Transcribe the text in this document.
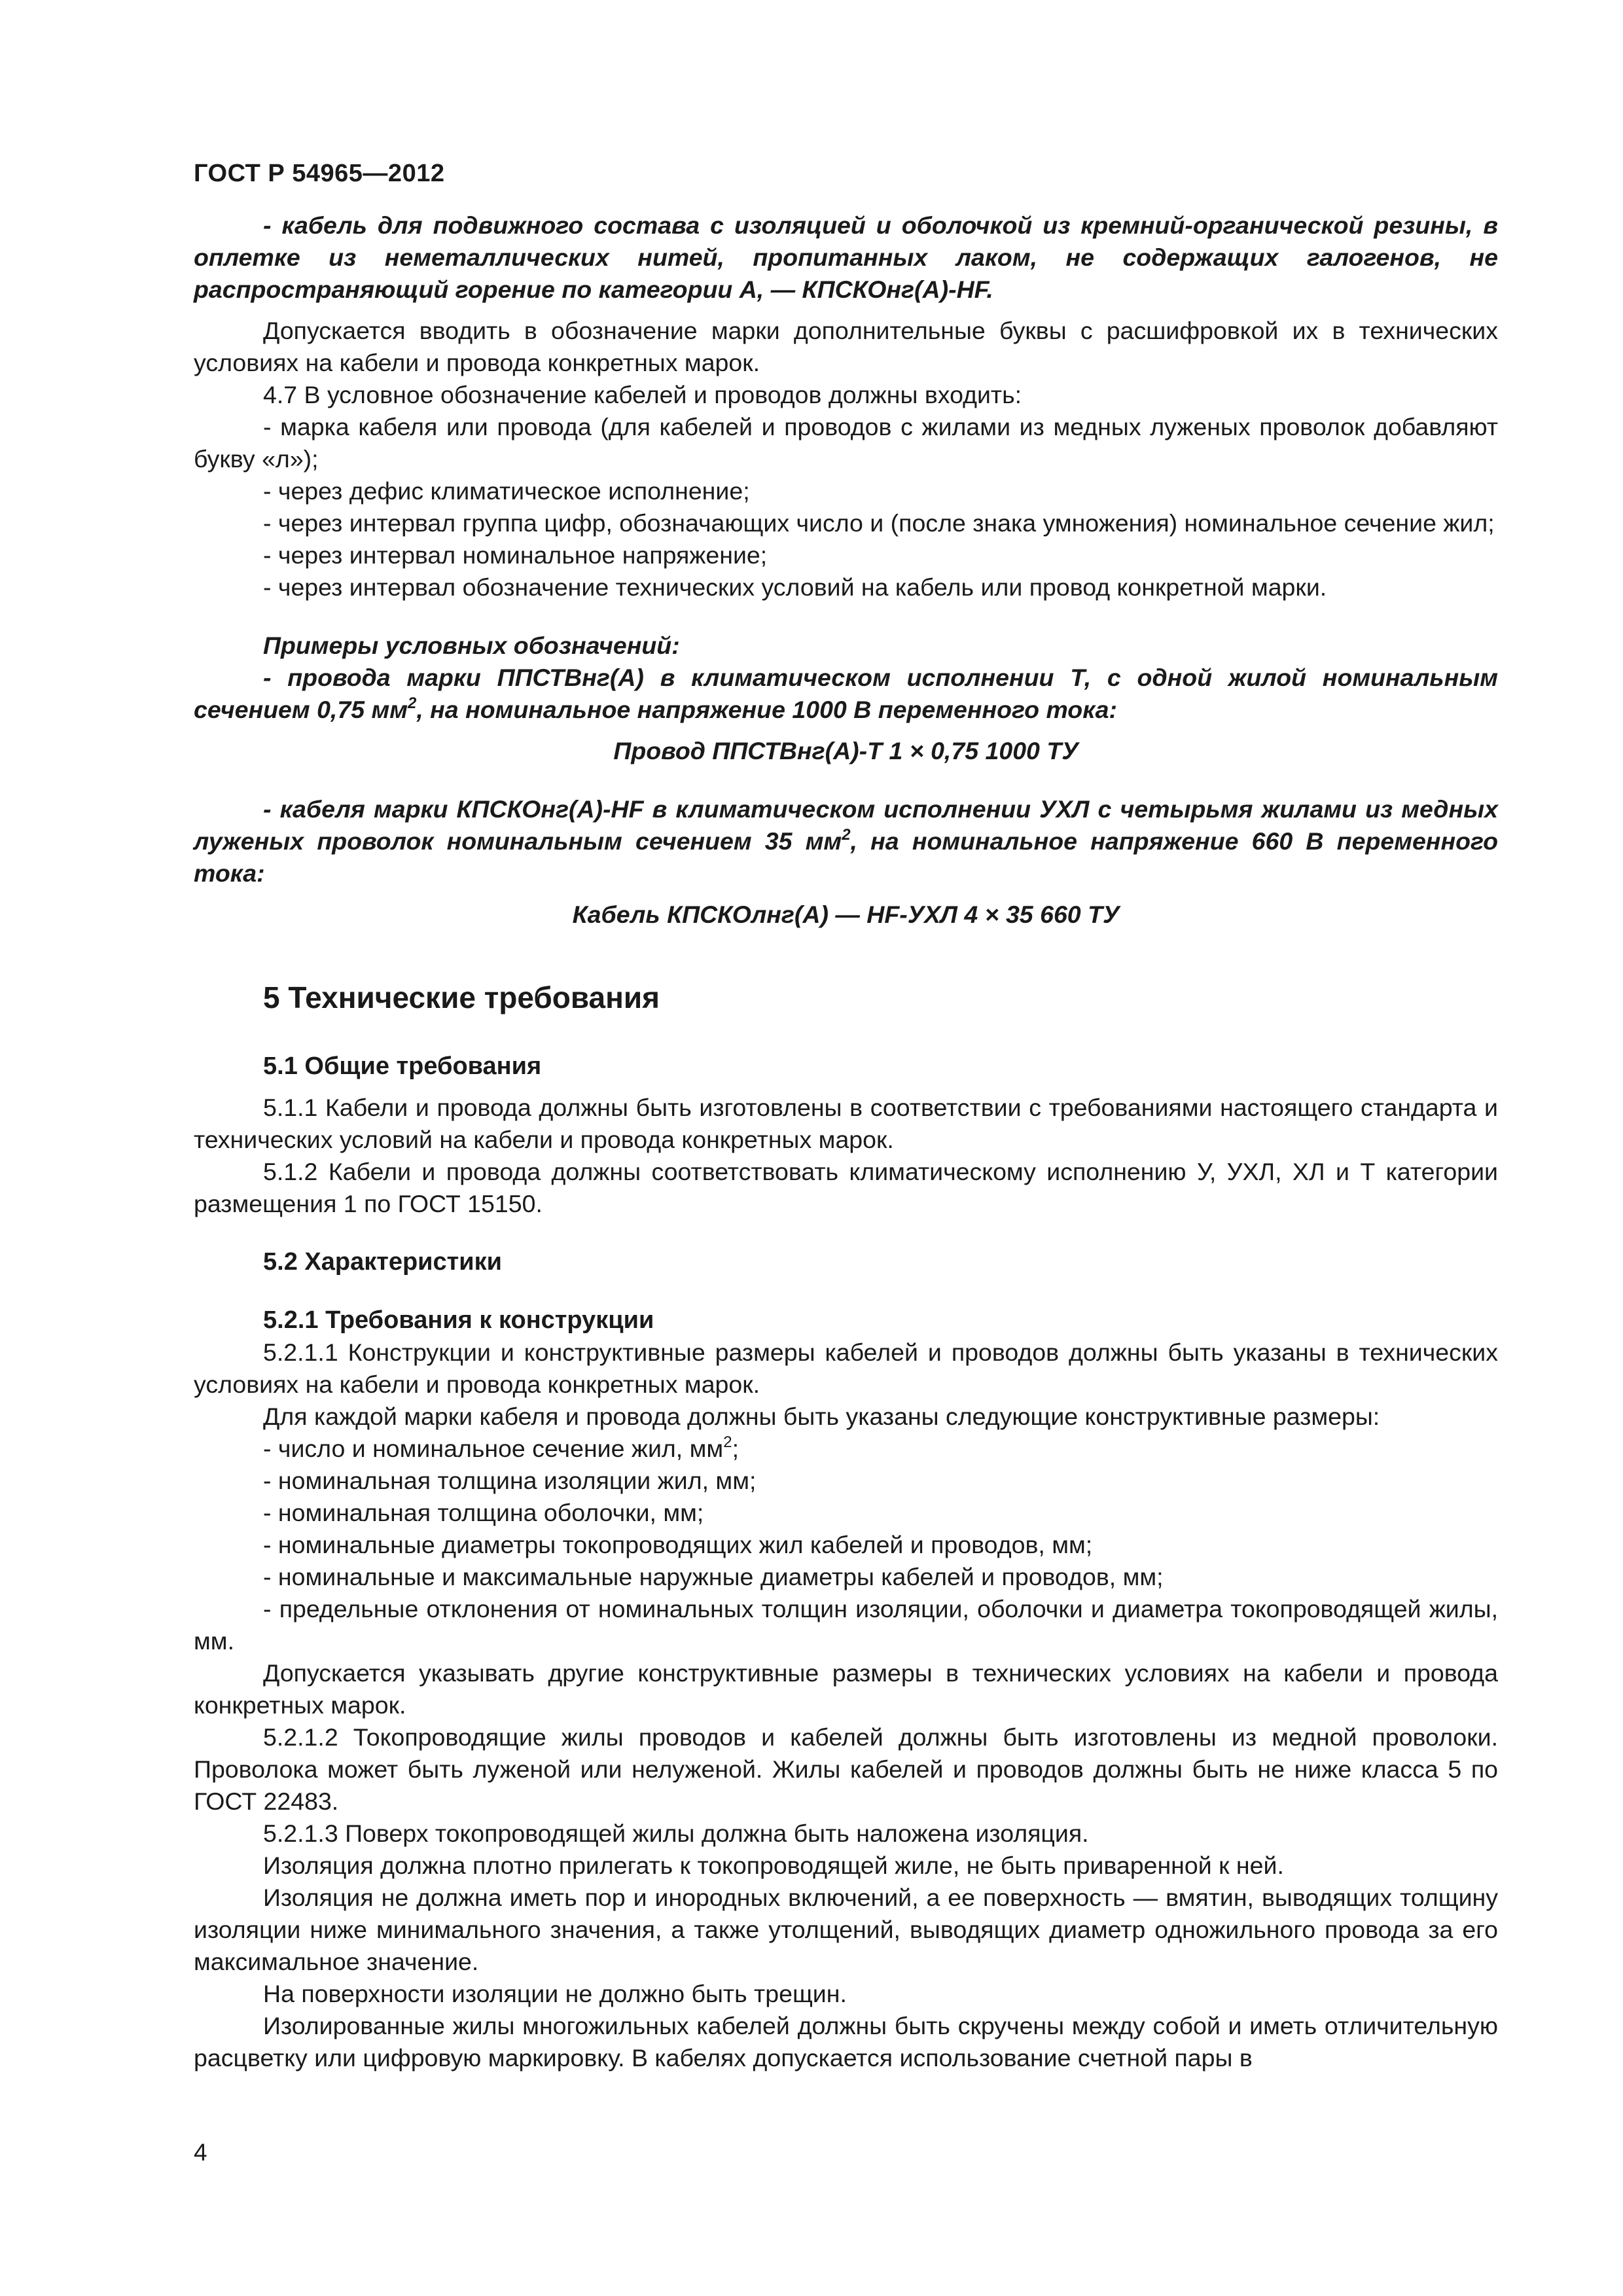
ГОСТ Р 54965—2012

- кабель для подвижного состава с изоляцией и оболочкой из кремний-органической резины, в оплетке из неметаллических нитей, пропитанных лаком, не содержащих галогенов, не распространяющий горение по категории А, — КПСКОнг(А)-HF.

Допускается вводить в обозначение марки дополнительные буквы с расшифровкой их в технических условиях на кабели и провода конкретных марок.

4.7 В условное обозначение кабелей и проводов должны входить:

- марка кабеля или провода (для кабелей и проводов с жилами из медных луженых проволок добавляют букву «л»);

- через дефис климатическое исполнение;

- через интервал группа цифр, обозначающих число и (после знака умножения) номинальное сечение жил;

- через интервал номинальное напряжение;

- через интервал обозначение технических условий на кабель или провод конкретной марки.

Примеры условных обозначений:

- провода марки ППСТВнг(А) в климатическом исполнении Т, с одной жилой номинальным сечением 0,75 $мм^2$, на номинальное напряжение 1000 В переменного тока:

Провод ППСТВнг(А)-Т 1 × 0,75 1000 ТУ

- кабеля марки КПСКОнг(А)-HF в климатическом исполнении УХЛ с четырьмя жилами из медных луженых проволок номинальным сечением 35 $мм^2$, на номинальное напряжение 660 В переменного тока:

Кабель КПСКОлнг(А) — HF-УХЛ 4 × 35 660 ТУ

5 Технические требования

5.1 Общие требования

5.1.1 Кабели и провода должны быть изготовлены в соответствии с требованиями настоящего стандарта и технических условий на кабели и провода конкретных марок.

5.1.2 Кабели и провода должны соответствовать климатическому исполнению У, УХЛ, ХЛ и Т категории размещения 1 по ГОСТ 15150.

5.2 Характеристики

5.2.1 Требования к конструкции

5.2.1.1 Конструкции и конструктивные размеры кабелей и проводов должны быть указаны в технических условиях на кабели и провода конкретных марок.

Для каждой марки кабеля и провода должны быть указаны следующие конструктивные размеры:

- число и номинальное сечение жил, $мм^2$;

- номинальная толщина изоляции жил, мм;

- номинальная толщина оболочки, мм;

- номинальные диаметры токопроводящих жил кабелей и проводов, мм;

- номинальные и максимальные наружные диаметры кабелей и проводов, мм;

- предельные отклонения от номинальных толщин изоляции, оболочки и диаметра токопроводящей жилы, мм.

Допускается указывать другие конструктивные размеры в технических условиях на кабели и провода конкретных марок.

5.2.1.2 Токопроводящие жилы проводов и кабелей должны быть изготовлены из медной проволоки. Проволока может быть луженой или нелуженой. Жилы кабелей и проводов должны быть не ниже класса 5 по ГОСТ 22483.

5.2.1.3 Поверх токопроводящей жилы должна быть наложена изоляция.

Изоляция должна плотно прилегать к токопроводящей жиле, не быть приваренной к ней.

Изоляция не должна иметь пор и инородных включений, а ее поверхность — вмятин, выводящих толщину изоляции ниже минимального значения, а также утолщений, выводящих диаметр одножильного провода за его максимальное значение.

На поверхности изоляции не должно быть трещин.

Изолированные жилы многожильных кабелей должны быть скручены между собой и иметь отличительную расцветку или цифровую маркировку. В кабелях допускается использование счетной пары в

4
